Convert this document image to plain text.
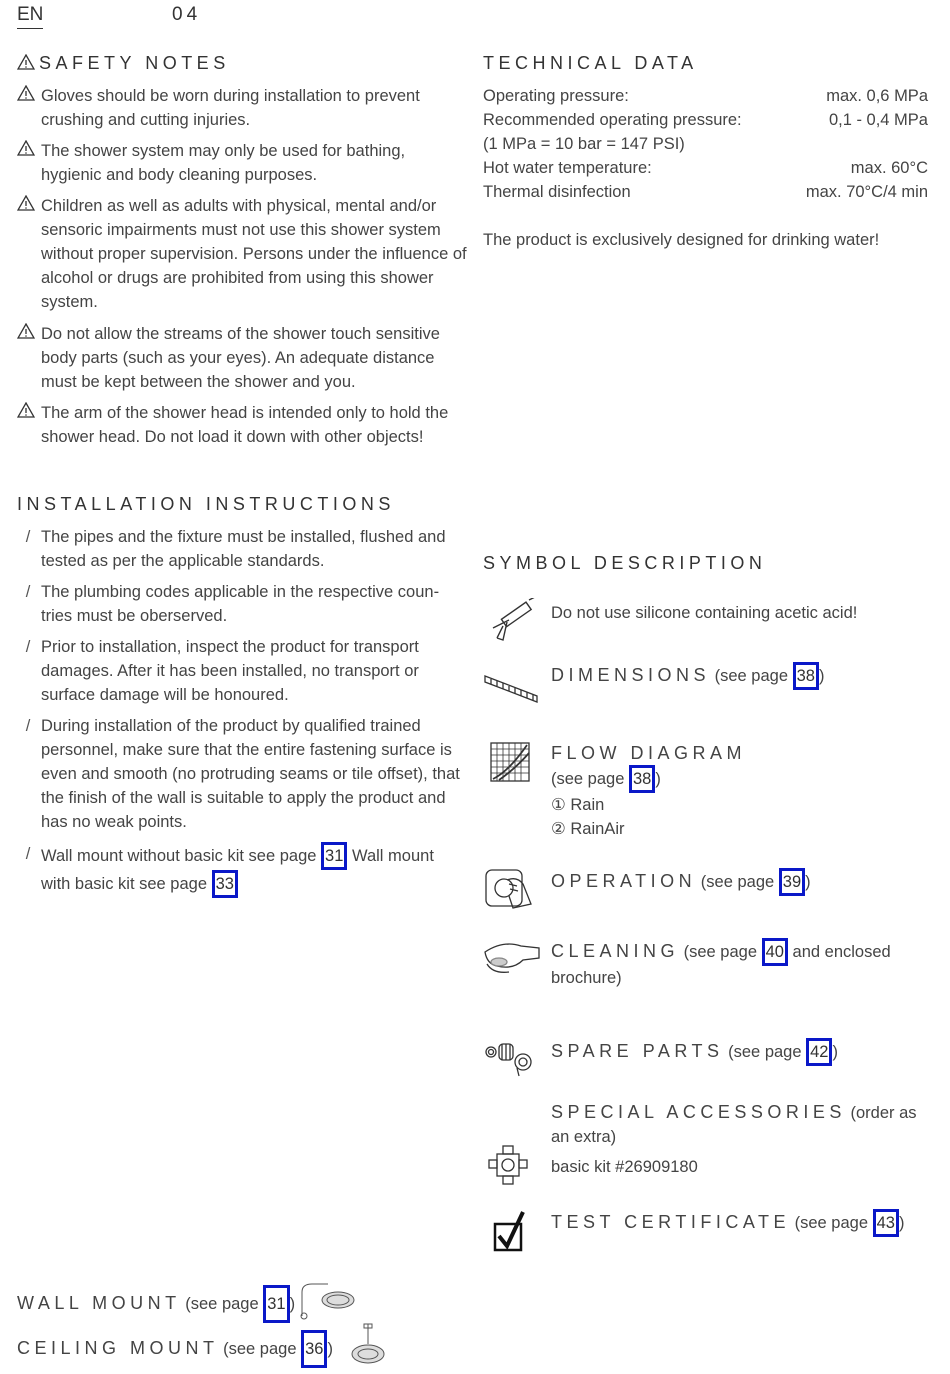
EN	04
SAFETY NOTES
Gloves should be worn during installation to prevent crushing and cutting injuries.
The shower system may only be used for bathing, hygienic and body cleaning purposes.
Children as well as adults with physical, mental and/or sensoric impairments must not use this shower system without proper supervision. Persons under the influence of alcohol or drugs are prohibited from using this shower system.
Do not allow the streams of the shower touch sensitive body parts (such as your eyes). An adequate distance must be kept between the shower and you.
The arm of the shower head is intended only to hold the shower head. Do not load it down with other objects!
INSTALLATION INSTRUCTIONS
/ The pipes and the fixture must be installed, flushed and tested as per the applicable standards.
/ The plumbing codes applicable in the respective coun-tries must be oberserved.
/ Prior to installation, inspect the product for transport damages. After it has been installed, no transport or surface damage will be honoured.
/ During installation of the product by qualified trained personnel, make sure that the entire fastening surface is even and smooth (no protruding seams or tile offset), that the finish of the wall is suitable to apply the product and has no weak points.
/ Wall mount without basic kit see page 31 Wall mount with basic kit see page 33
TECHNICAL DATA
Operating pressure:	max. 0,6 MPa
Recommended operating pressure:	0,1 - 0,4 MPa
(1 MPa = 10 bar = 147 PSI)
Hot water temperature:	max. 60°C
Thermal disinfection	max. 70°C/4 min
The product is exclusively designed for drinking water!
SYMBOL DESCRIPTION
Do not use silicone containing acetic acid!
DIMENSIONS (see page 38 )
FLOW DIAGRAM
(see page 38 )
① Rain
② RainAir
OPERATION (see page 39 )
CLEANING (see page 40 and enclosed brochure)
SPARE PARTS (see page 42 )
SPECIAL ACCESSORIES (order as an extra)
basic kit #26909180
TEST CERTIFICATE (see page 43 )
WALL MOUNT (see page 31 )
CEILING MOUNT (see page 36 )
